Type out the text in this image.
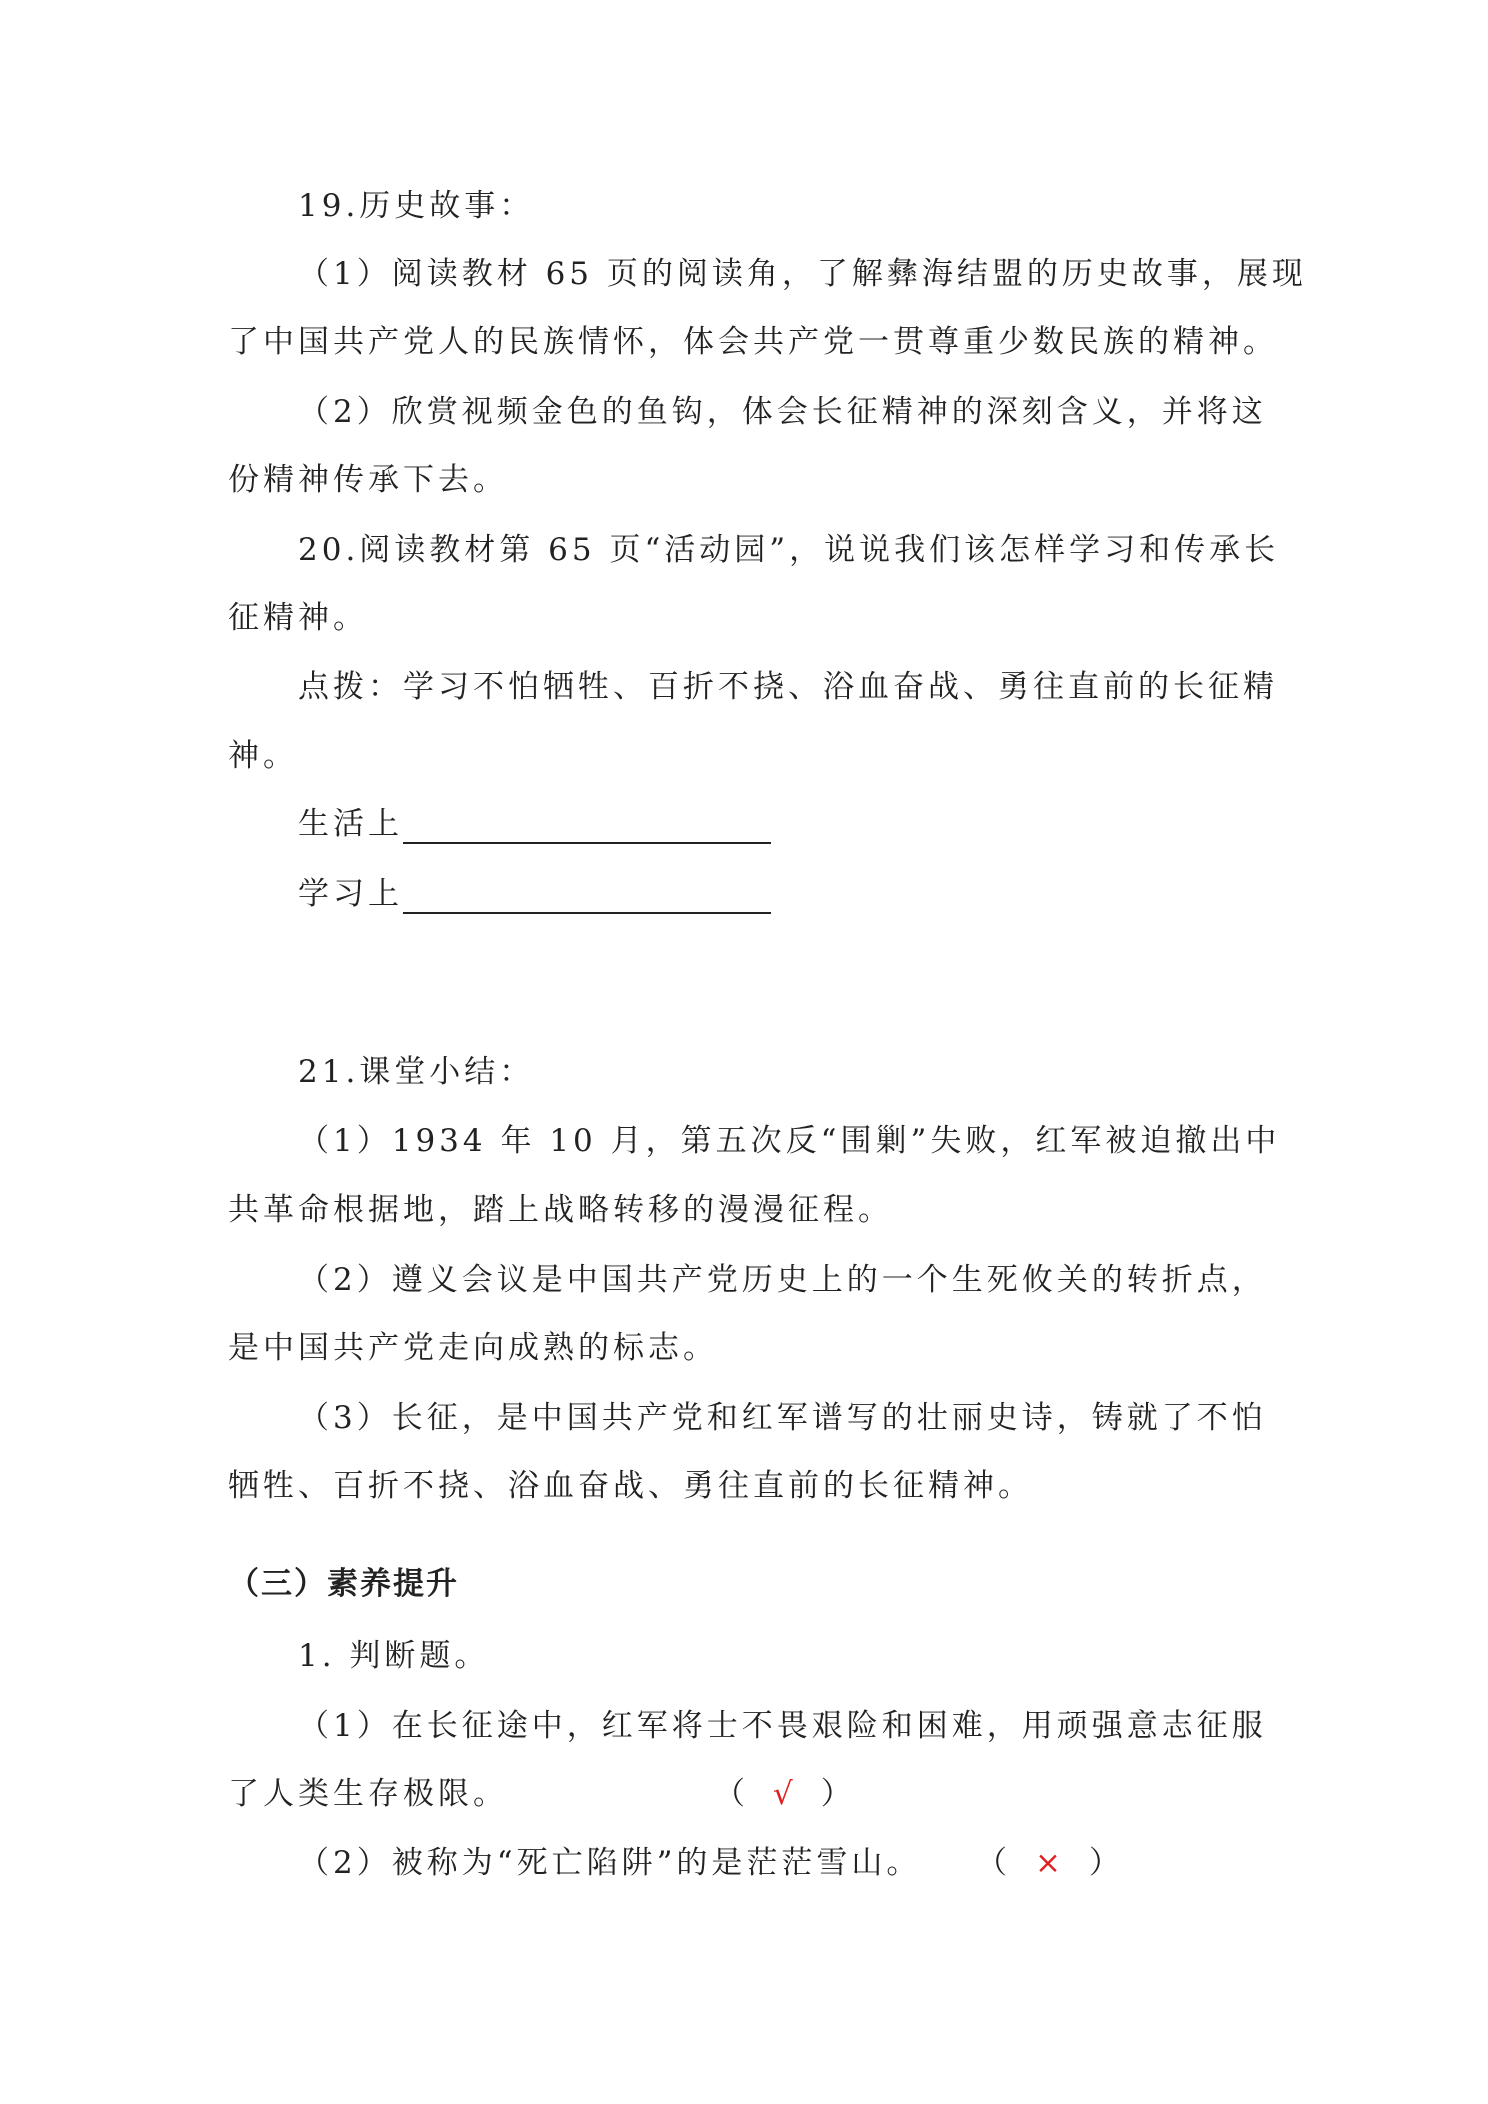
19.历史故事：
（1）阅读教材 65 页的阅读角，了解彝海结盟的历史故事，展现
了中国共产党人的民族情怀，体会共产党一贯尊重少数民族的精神。
（2）欣赏视频金色的鱼钩，体会长征精神的深刻含义，并将这
份精神传承下去。
20.阅读教材第 65 页“活动园”，说说我们该怎样学习和传承长
征精神。
点拨：学习不怕牺牲、百折不挠、浴血奋战、勇往直前的长征精
神。
生活上
学习上
21.课堂小结：
（1）1934 年 10 月，第五次反“围剿”失败，红军被迫撤出中
共革命根据地，踏上战略转移的漫漫征程。
（2）遵义会议是中国共产党历史上的一个生死攸关的转折点，
是中国共产党走向成熟的标志。
（3）长征，是中国共产党和红军谱写的壮丽史诗，铸就了不怕
牺牲、百折不挠、浴血奋战、勇往直前的长征精神。
（三）素养提升
1. 判断题。
（1）在长征途中，红军将士不畏艰险和困难，用顽强意志征服
了人类生存极限。	（ √ ）
（2）被称为“死亡陷阱”的是茫茫雪山。 （ × ）
